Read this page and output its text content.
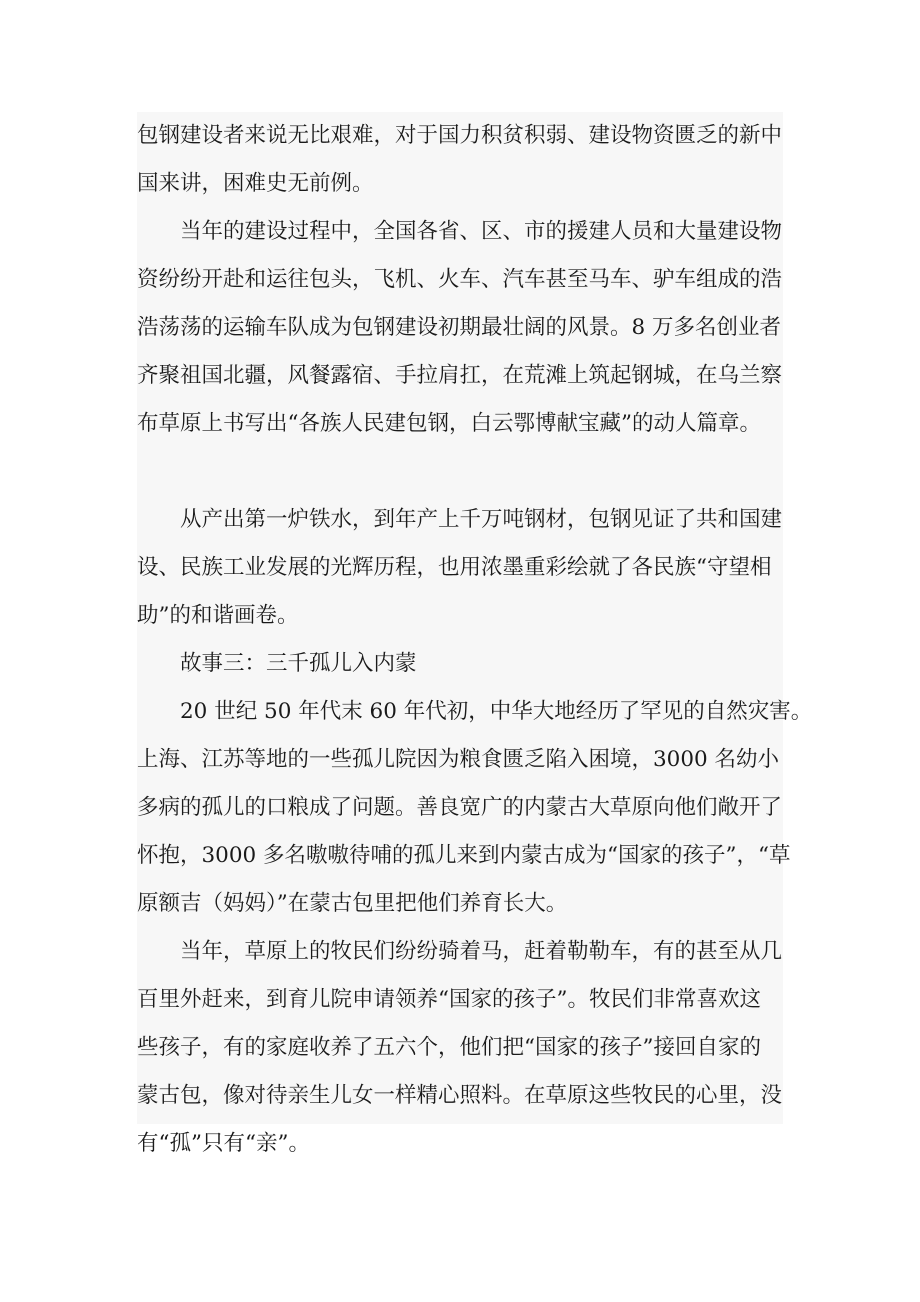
包钢建设者来说无比艰难，对于国力积贫积弱、建设物资匮乏的新中

国来讲，困难史无前例。

当年的建设过程中，全国各省、区、市的援建人员和大量建设物

资纷纷开赴和运往包头，飞机、火车、汽车甚至马车、驴车组成的浩

浩荡荡的运输车队成为包钢建设初期最壮阔的风景。8 万多名创业者

齐聚祖国北疆，风餐露宿、手拉肩扛，在荒滩上筑起钢城，在乌兰察

布草原上书写出“各族人民建包钢，白云鄂博献宝藏”的动人篇章。

从产出第一炉铁水，到年产上千万吨钢材，包钢见证了共和国建

设、民族工业发展的光辉历程，也用浓墨重彩绘就了各民族“守望相

助”的和谐画卷。

故事三：三千孤儿入内蒙

20 世纪 50 年代末 60 年代初，中华大地经历了罕见的自然灾害。

上海、江苏等地的一些孤儿院因为粮食匮乏陷入困境，3000 名幼小

多病的孤儿的口粮成了问题。善良宽广的内蒙古大草原向他们敞开了

怀抱，3000 多名嗷嗷待哺的孤儿来到内蒙古成为“国家的孩子”，“草

原额吉（妈妈）”在蒙古包里把他们养育长大。

当年，草原上的牧民们纷纷骑着马，赶着勒勒车，有的甚至从几

百里外赶来，到育儿院申请领养“国家的孩子”。牧民们非常喜欢这

些孩子，有的家庭收养了五六个，他们把“国家的孩子”接回自家的

蒙古包，像对待亲生儿女一样精心照料。在草原这些牧民的心里，没

有“孤”只有“亲”。
